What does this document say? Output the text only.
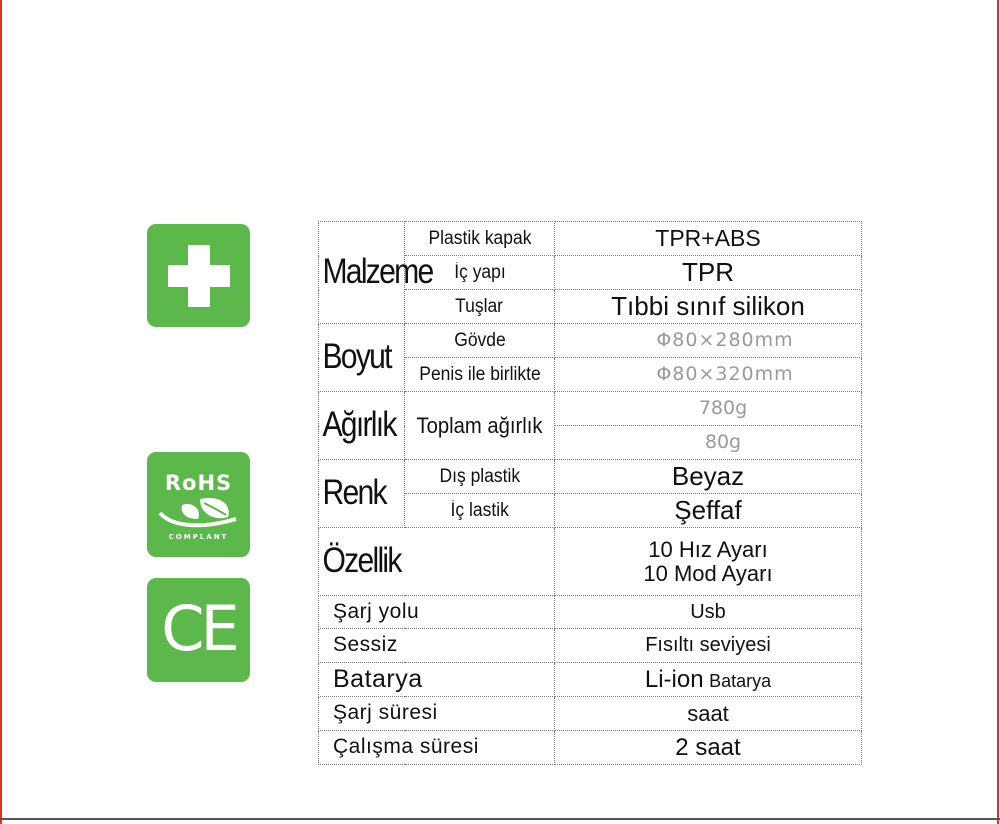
RoHS
COMPLANT
CE
Malzeme	Plastik kapak	TPR+ABS
	İç yapı	TPR
	Tuşlar	Tıbbi sınıf silikon
Boyut	Gövde	Φ80×280mm
	Penis ile birlikte	Φ80×320mm
Ağırlık	Toplam ağırlık	780g
		80g
Renk	Dış plastik	Beyaz
	İç lastik	Şeffaf
Özellik		10 Hız Ayarı
10 Mod Ayarı

Şarj yolu		Usb
Sessiz		Fısıltı seviyesi
Batarya		Li-ion Batarya
Şarj süresi		saat
Çalışma süresi		2 saat
